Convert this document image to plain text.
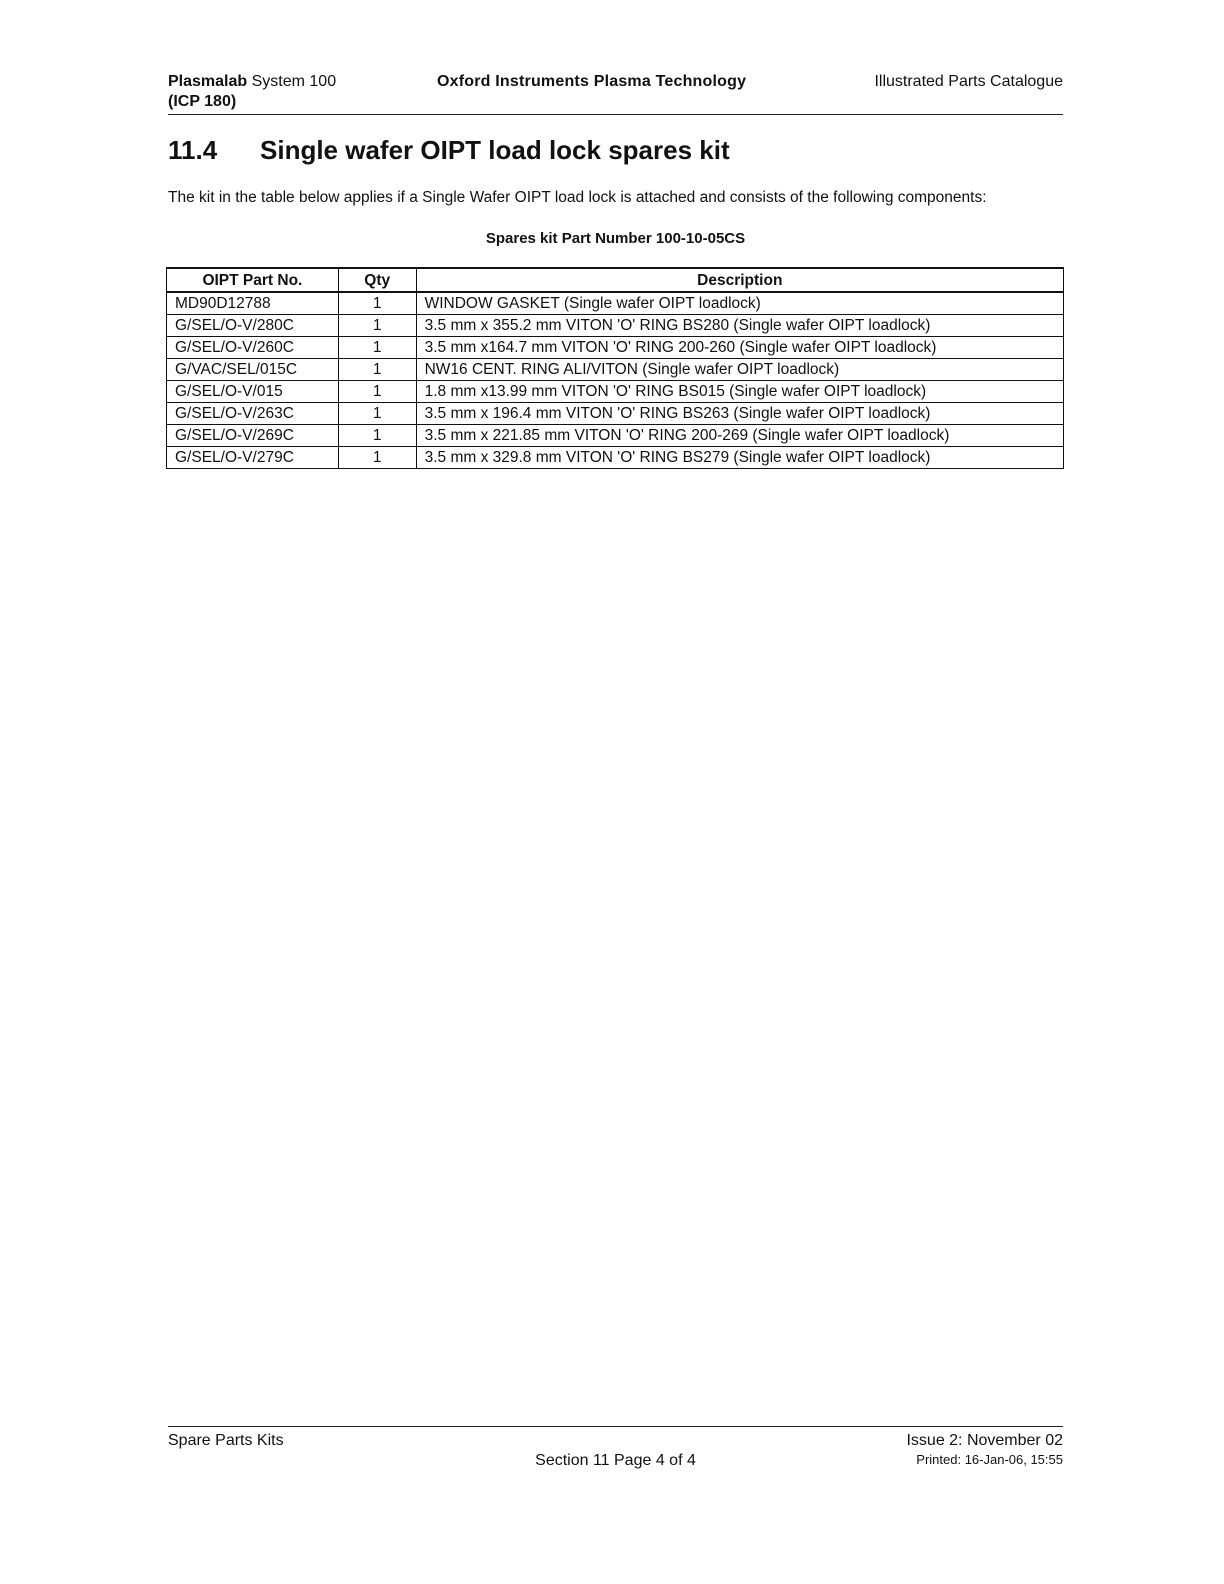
Plasmalab System 100
(ICP 180)
Oxford Instruments Plasma Technology	Illustrated Parts Catalogue
11.4 Single wafer OIPT load lock spares kit
The kit in the table below applies if a Single Wafer OIPT load lock is attached and consists of the following components:
Spares kit Part Number 100-10-05CS
OIPT Part No.	Qty	Description
MD90D12788	1	WINDOW GASKET (Single wafer OIPT loadlock)
G/SEL/O-V/280C	1	3.5 mm x 355.2 mm VITON 'O' RING BS280 (Single wafer OIPT loadlock)
G/SEL/O-V/260C	1	3.5 mm x164.7 mm VITON 'O' RING 200-260 (Single wafer OIPT loadlock)
G/VAC/SEL/015C	1	NW16 CENT. RING ALI/VITON (Single wafer OIPT loadlock)
G/SEL/O-V/015	1	1.8 mm x13.99 mm VITON 'O' RING BS015 (Single wafer OIPT loadlock)
G/SEL/O-V/263C	1	3.5 mm x 196.4 mm VITON 'O' RING BS263 (Single wafer OIPT loadlock)
G/SEL/O-V/269C	1	3.5 mm x 221.85 mm VITON 'O' RING 200-269 (Single wafer OIPT loadlock)
G/SEL/O-V/279C	1	3.5 mm x 329.8 mm VITON 'O' RING BS279 (Single wafer OIPT loadlock)
Spare Parts Kits
Section 11 Page 4 of 4
Issue 2: November 02
Printed: 16-Jan-06, 15:55
